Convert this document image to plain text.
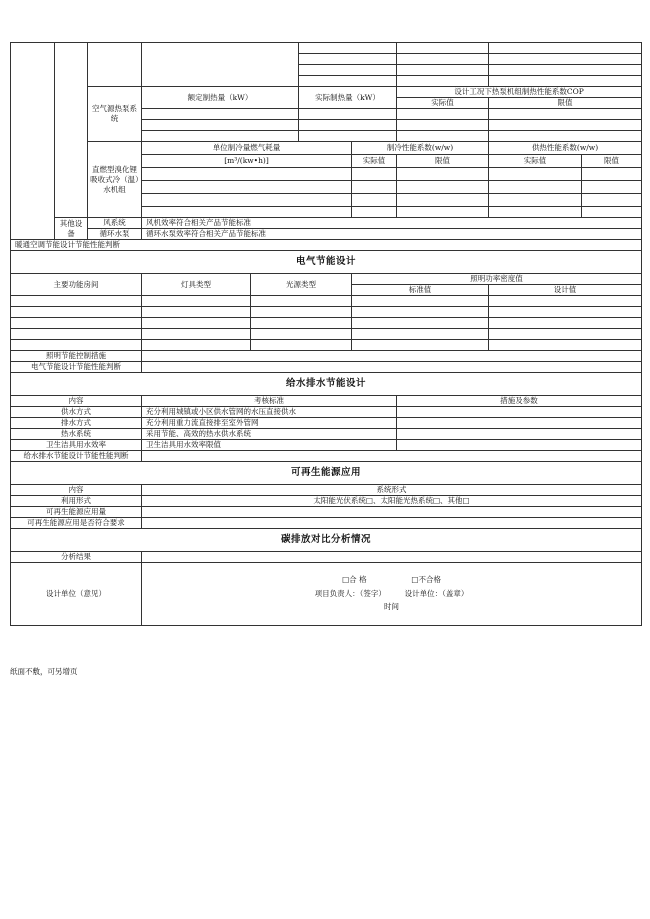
		空气源热泵系统	额定制热量（kW）		实际制热量（kW）		设计工况下热泵机组制热性能系数COP		
							实际值	限值	

		直燃型溴化锂吸收式冷（温）水机组	单位制冷量燃气耗量			制冷性能系数(w/w)		供热性能系数(w/w)	
			[m³/(kw•h)]			实际值	限值	实际值	限值

	其他设备	风系统	风机效率符合相关产品节能标准						
		循环水泵	循环水泵效率符合相关产品节能标准						
暖通空调节能设计节能性能判断									
电气节能设计									
主要功能房间			灯具类型	光源类型		照明功率密度值			
						标准值		设计值	

照明节能控制措施									
电气节能设计节能性能判断									
给水排水节能设计									
内容			考核标准				措施及参数		
供水方式			充分利用城镇或小区供水管网的水压直接供水						
排水方式			充分利用重力流直接排至室外管网						
热水系统			采用节能、高效的热水供水系统						
卫生洁具用水效率			卫生洁具用水效率限值						
给水排水节能设计节能性能判断									
可再生能源应用									
内容			系统形式						
利用形式			太阳能光伏系统□、太阳能光热系统□、其他□						
可再生能源应用量									
可再生能源应用是否符合要求									
碳排放对比分析情况									
分析结果									
设计单位（意见）			□合 格 □不合格
项目负责人：（签字） 设计单位：（盖章）
时间						
纸面不敷，可另增页
